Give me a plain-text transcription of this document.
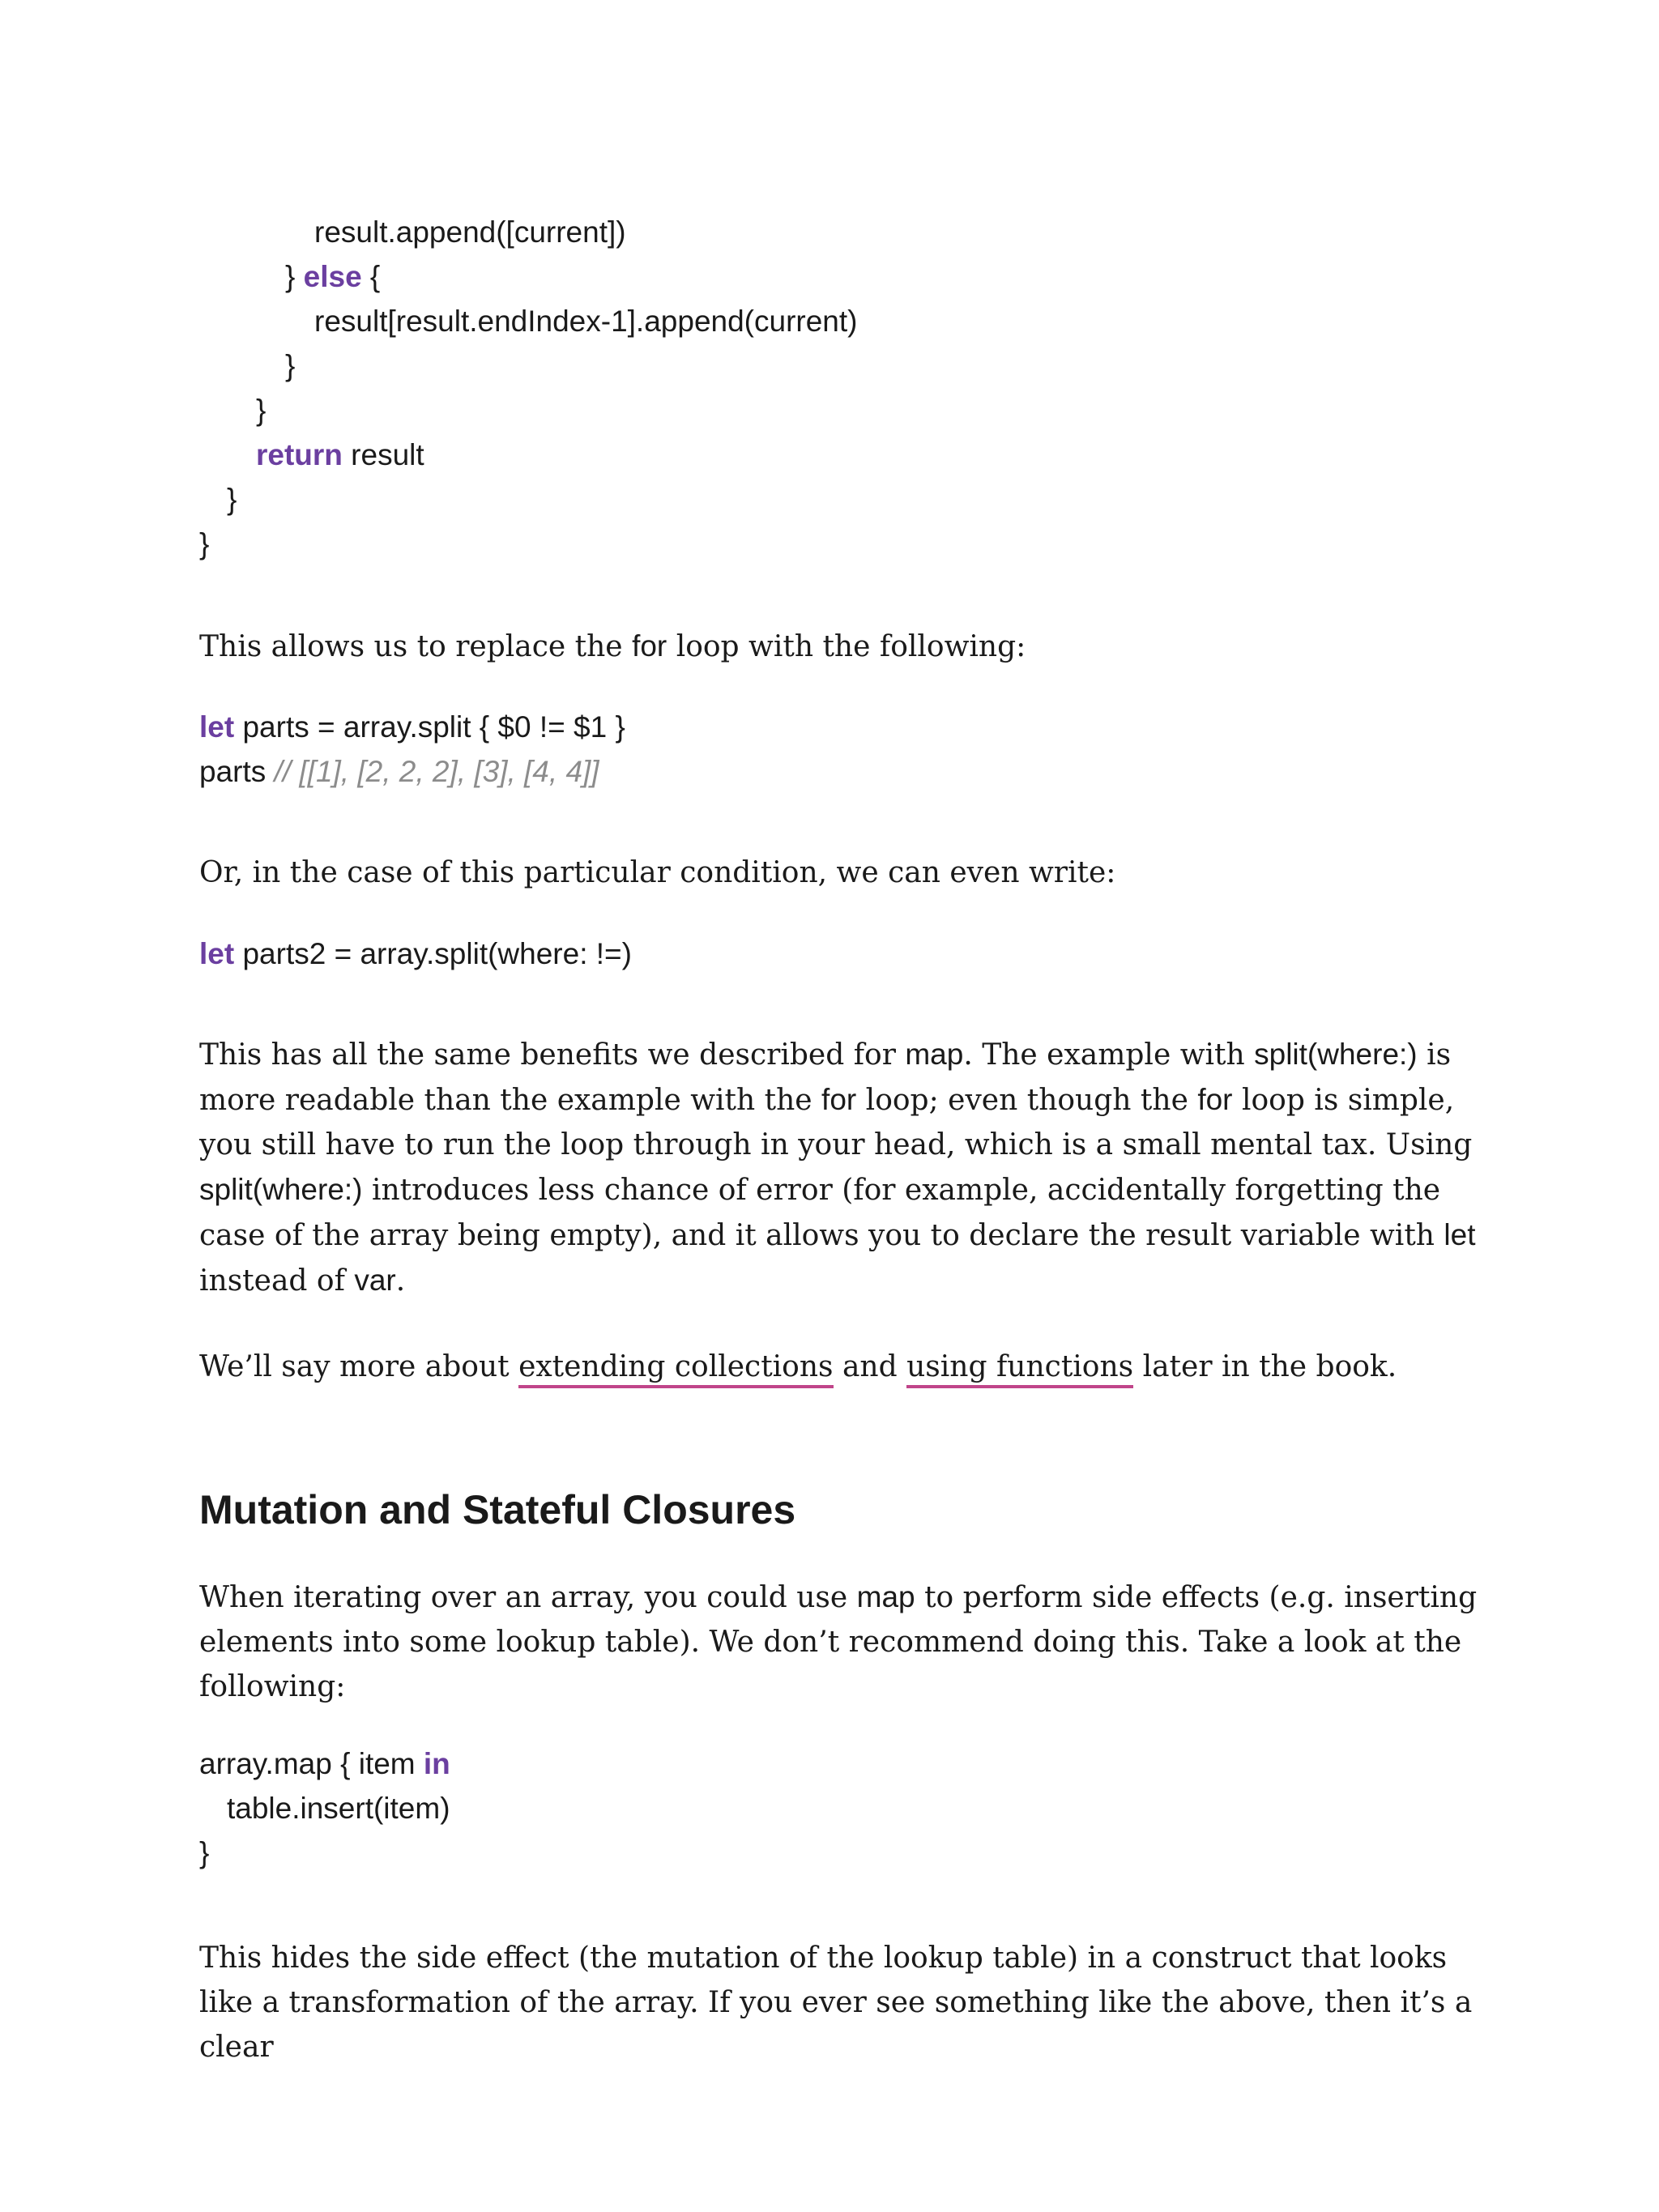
result.append([current])
} else {
result[result.endIndex-1].append(current)
}
}
return result
}
}

This allows us to replace the for loop with the following:

let parts = array.split { $0 != $1 }
parts // [[1], [2, 2, 2], [3], [4, 4]]

Or, in the case of this particular condition, we can even write:

let parts2 = array.split(where: !=)

This has all the same benefits we described for map. The example with split(where:) is more readable than the example with the for loop; even though the for loop is simple, you still have to run the loop through in your head, which is a small mental tax. Using split(where:) introduces less chance of error (for example, accidentally forgetting the case of the array being empty), and it allows you to declare the result variable with let instead of var.

We’ll say more about extending collections and using functions later in the book.

Mutation and Stateful Closures

When iterating over an array, you could use map to perform side effects (e.g. inserting elements into some lookup table). We don’t recommend doing this. Take a look at the following:

array.map { item in
table.insert(item)
}

This hides the side effect (the mutation of the lookup table) in a construct that looks like a transformation of the array. If you ever see something like the above, then it’s a clear
